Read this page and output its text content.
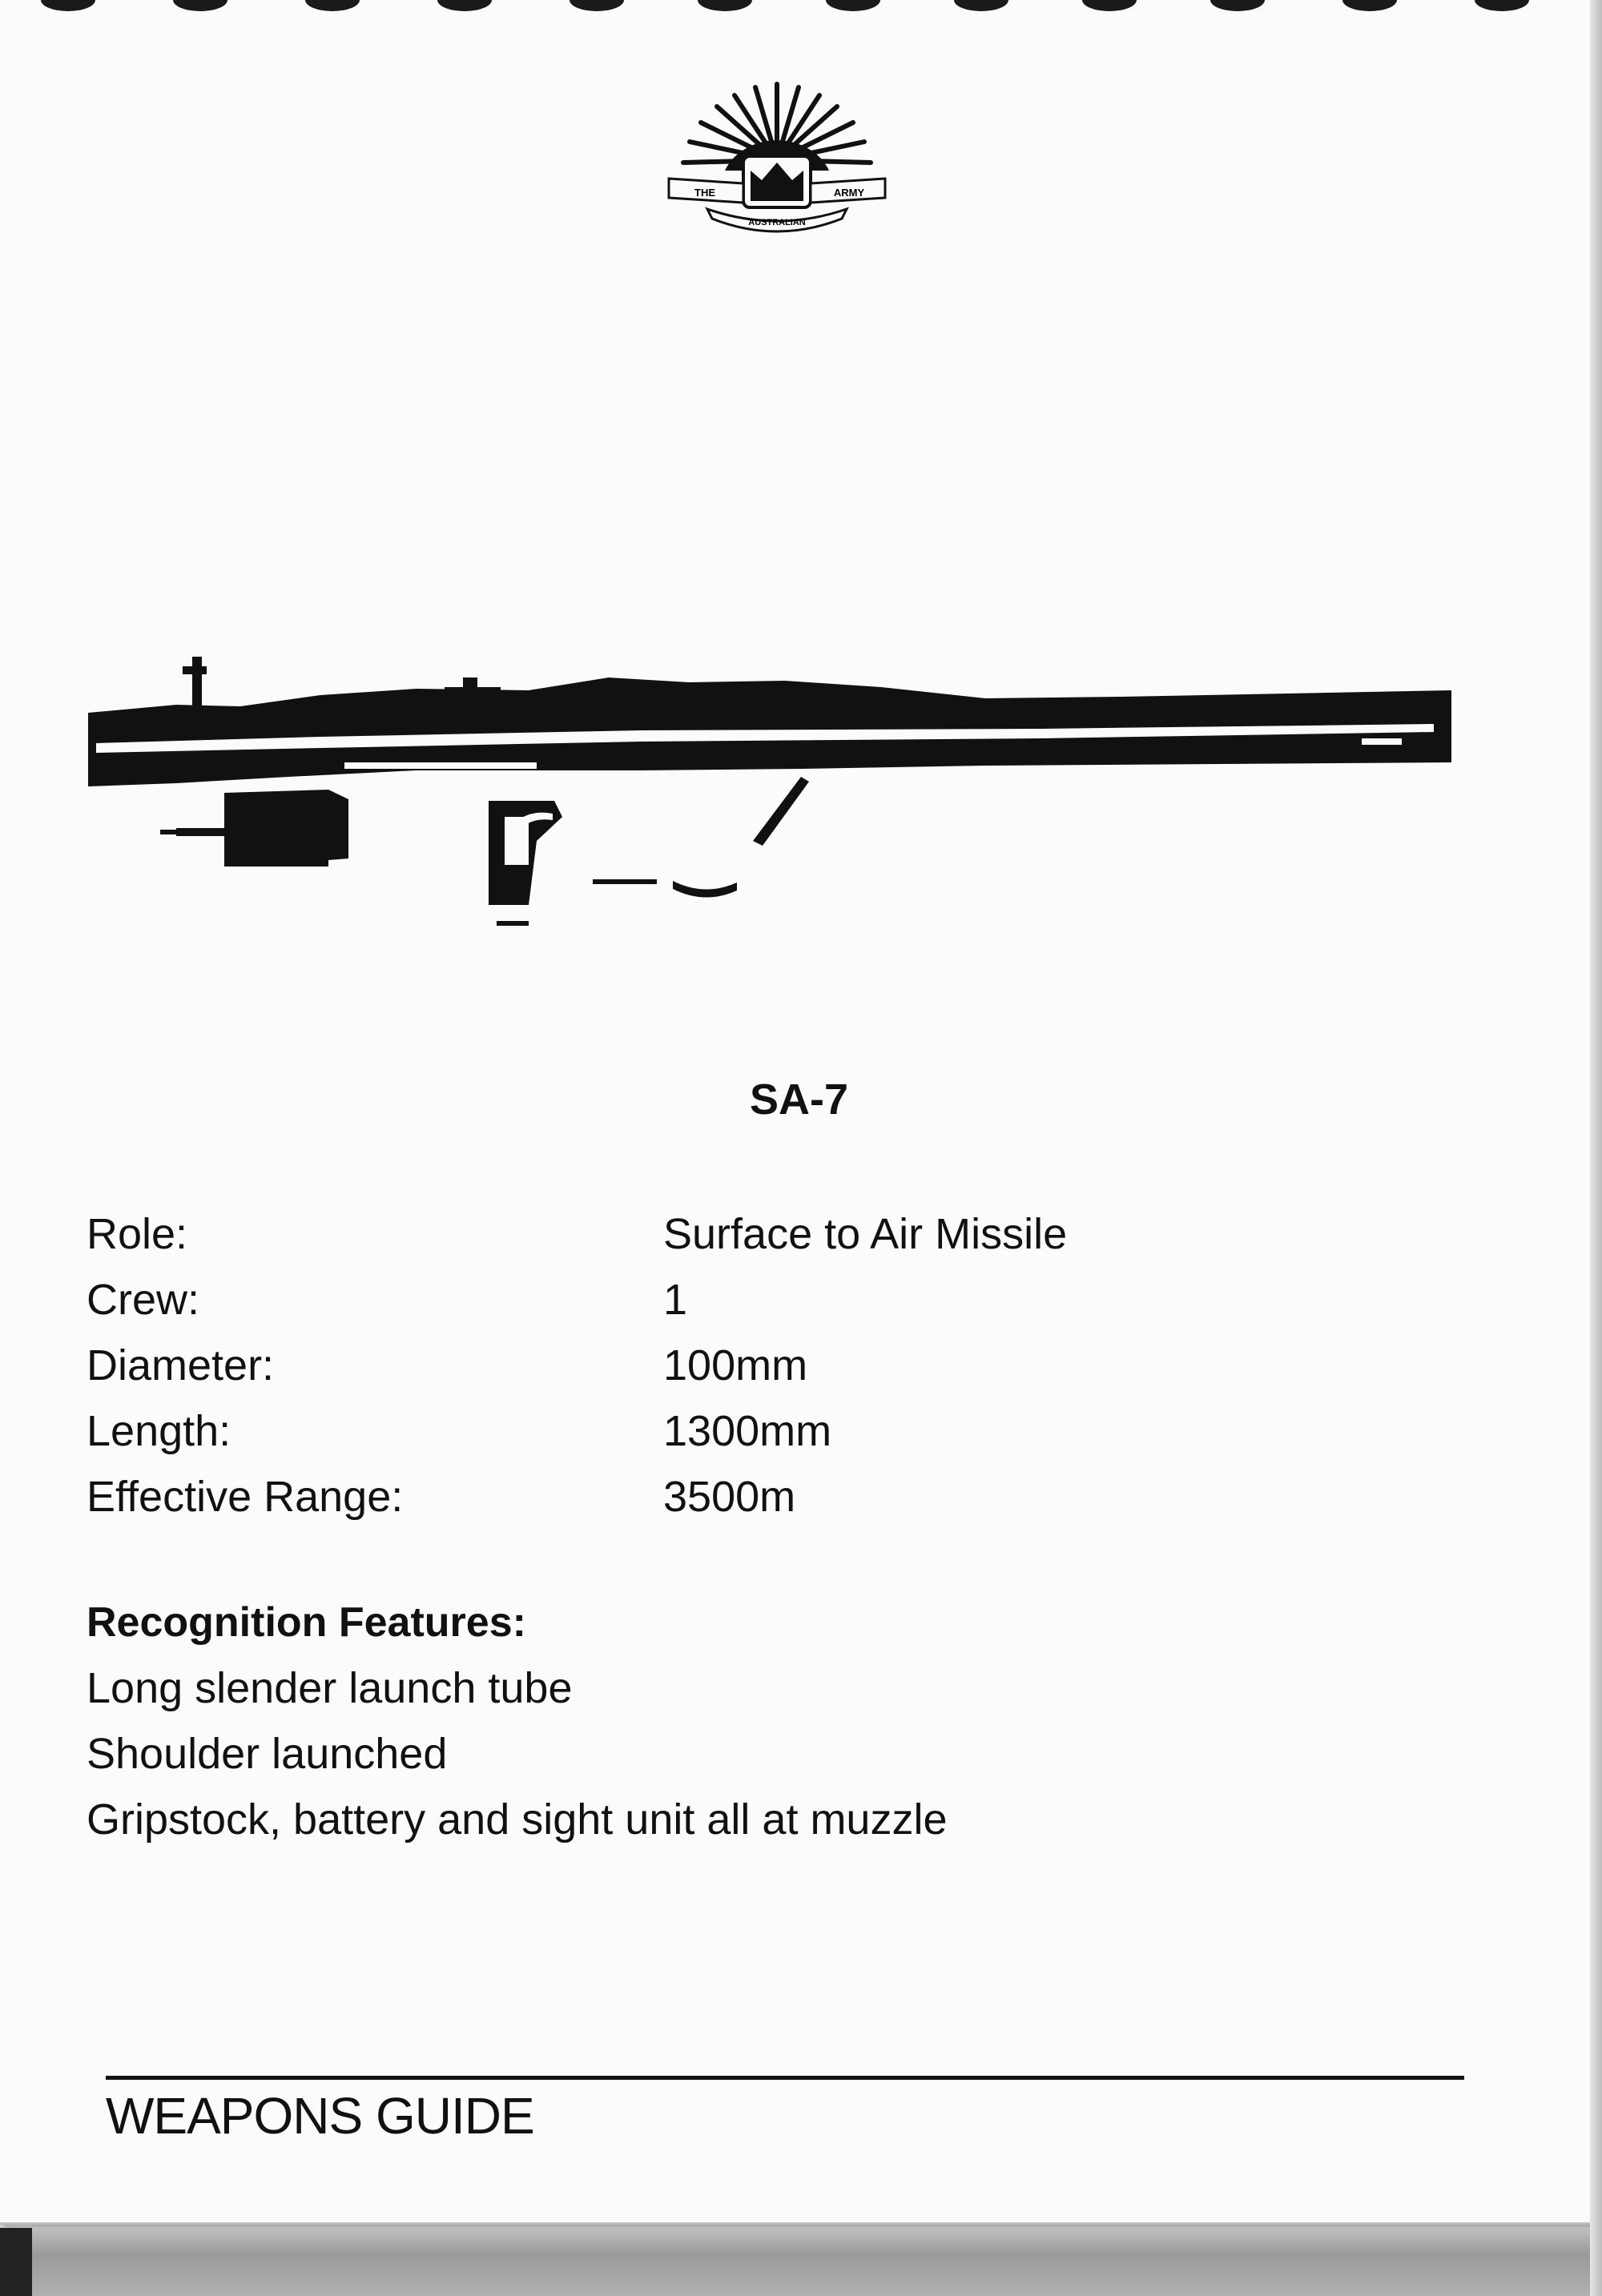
THE	ARMY
AUSTRALIAN
SA-7
Role:	Surface to Air Missile
Crew:	1
Diameter:	100mm
Length:	1300mm
Effective Range:	3500m
Recognition Features:
Long slender launch tube
Shoulder launched
Gripstock, battery and sight unit all at muzzle
WEAPONS GUIDE
